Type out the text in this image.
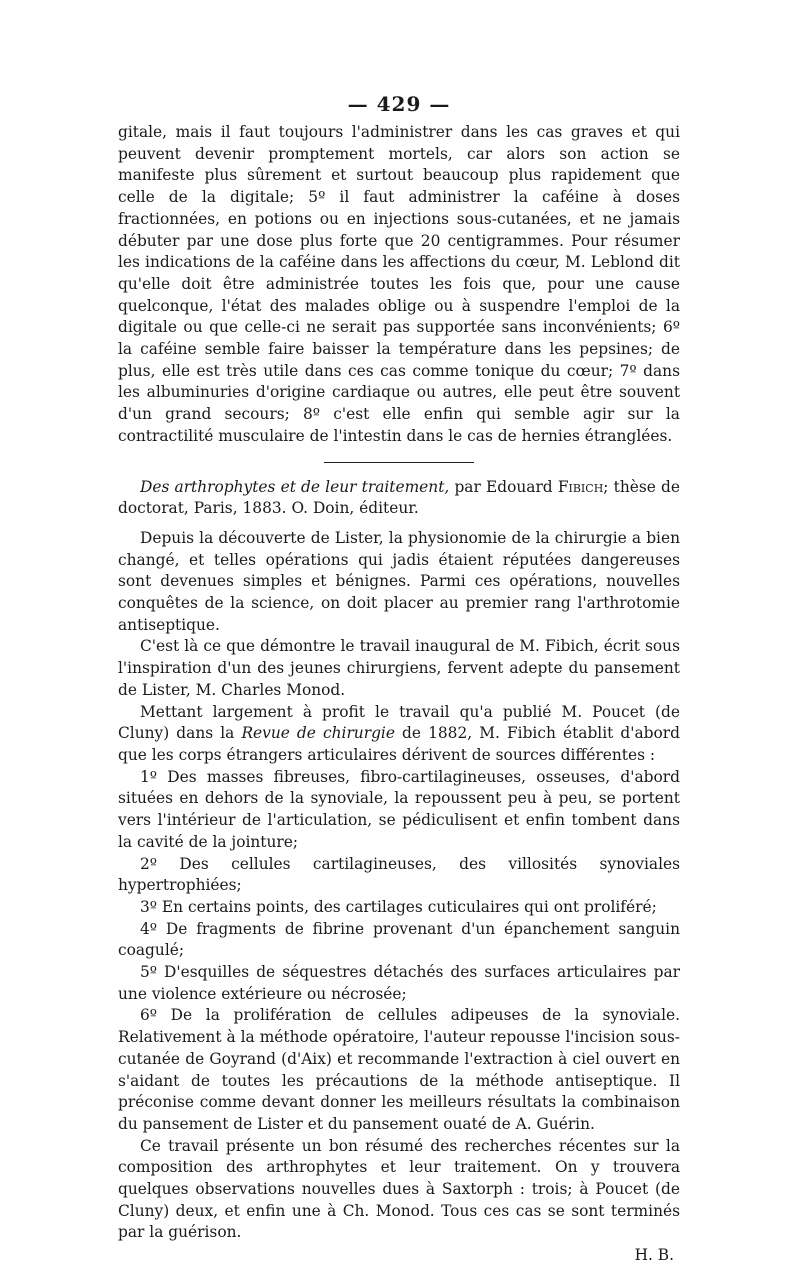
— 429 —

gitale, mais il faut toujours l'administrer dans les cas graves et qui peuvent devenir promptement mortels, car alors son action se manifeste plus sûrement et surtout beaucoup plus rapidement que celle de la digitale; 5º il faut administrer la caféine à doses fractionnées, en potions ou en injections sous-cutanées, et ne jamais débuter par une dose plus forte que 20 centigrammes. Pour résumer les indications de la caféine dans les affections du cœur, M. Leblond dit qu'elle doit être administrée toutes les fois que, pour une cause quelconque, l'état des malades oblige ou à suspendre l'emploi de la digitale ou que celle-ci ne serait pas supportée sans inconvénients; 6º la caféine semble faire baisser la température dans les pepsines; de plus, elle est très utile dans ces cas comme tonique du cœur; 7º dans les albuminuries d'origine cardiaque ou autres, elle peut être souvent d'un grand secours; 8º c'est elle enfin qui semble agir sur la contractilité musculaire de l'intestin dans le cas de hernies étranglées.

Des arthrophytes et de leur traitement, par Edouard Fibich; thèse de doctorat, Paris, 1883. O. Doin, éditeur.

Depuis la découverte de Lister, la physionomie de la chirurgie a bien changé, et telles opérations qui jadis étaient réputées dangereuses sont devenues simples et bénignes. Parmi ces opérations, nouvelles conquêtes de la science, on doit placer au premier rang l'arthrotomie antiseptique.

C'est là ce que démontre le travail inaugural de M. Fibich, écrit sous l'inspiration d'un des jeunes chirurgiens, fervent adepte du pansement de Lister, M. Charles Monod.

Mettant largement à profit le travail qu'a publié M. Poucet (de Cluny) dans la Revue de chirurgie de 1882, M. Fibich établit d'abord que les corps étrangers articulaires dérivent de sources différentes :

1º Des masses fibreuses, fibro-cartilagineuses, osseuses, d'abord situées en dehors de la synoviale, la repoussent peu à peu, se portent vers l'intérieur de l'articulation, se pédiculisent et enfin tombent dans la cavité de la jointure;

2º Des cellules cartilagineuses, des villosités synoviales hypertrophiées;

3º En certains points, des cartilages cuticulaires qui ont proliféré;

4º De fragments de fibrine provenant d'un épanchement sanguin coagulé;

5º D'esquilles de séquestres détachés des surfaces articulaires par une violence extérieure ou nécrosée;

6º De la prolifération de cellules adipeuses de la synoviale. Relativement à la méthode opératoire, l'auteur repousse l'incision sous-cutanée de Goyrand (d'Aix) et recommande l'extraction à ciel ouvert en s'aidant de toutes les précautions de la méthode antiseptique. Il préconise comme devant donner les meilleurs résultats la combinaison du pansement de Lister et du pansement ouaté de A. Guérin.

Ce travail présente un bon résumé des recherches récentes sur la composition des arthrophytes et leur traitement. On y trouvera quelques observations nouvelles dues à Saxtorph : trois; à Poucet (de Cluny) deux, et enfin une à Ch. Monod. Tous ces cas se sont terminés par la guérison.

H. B.
